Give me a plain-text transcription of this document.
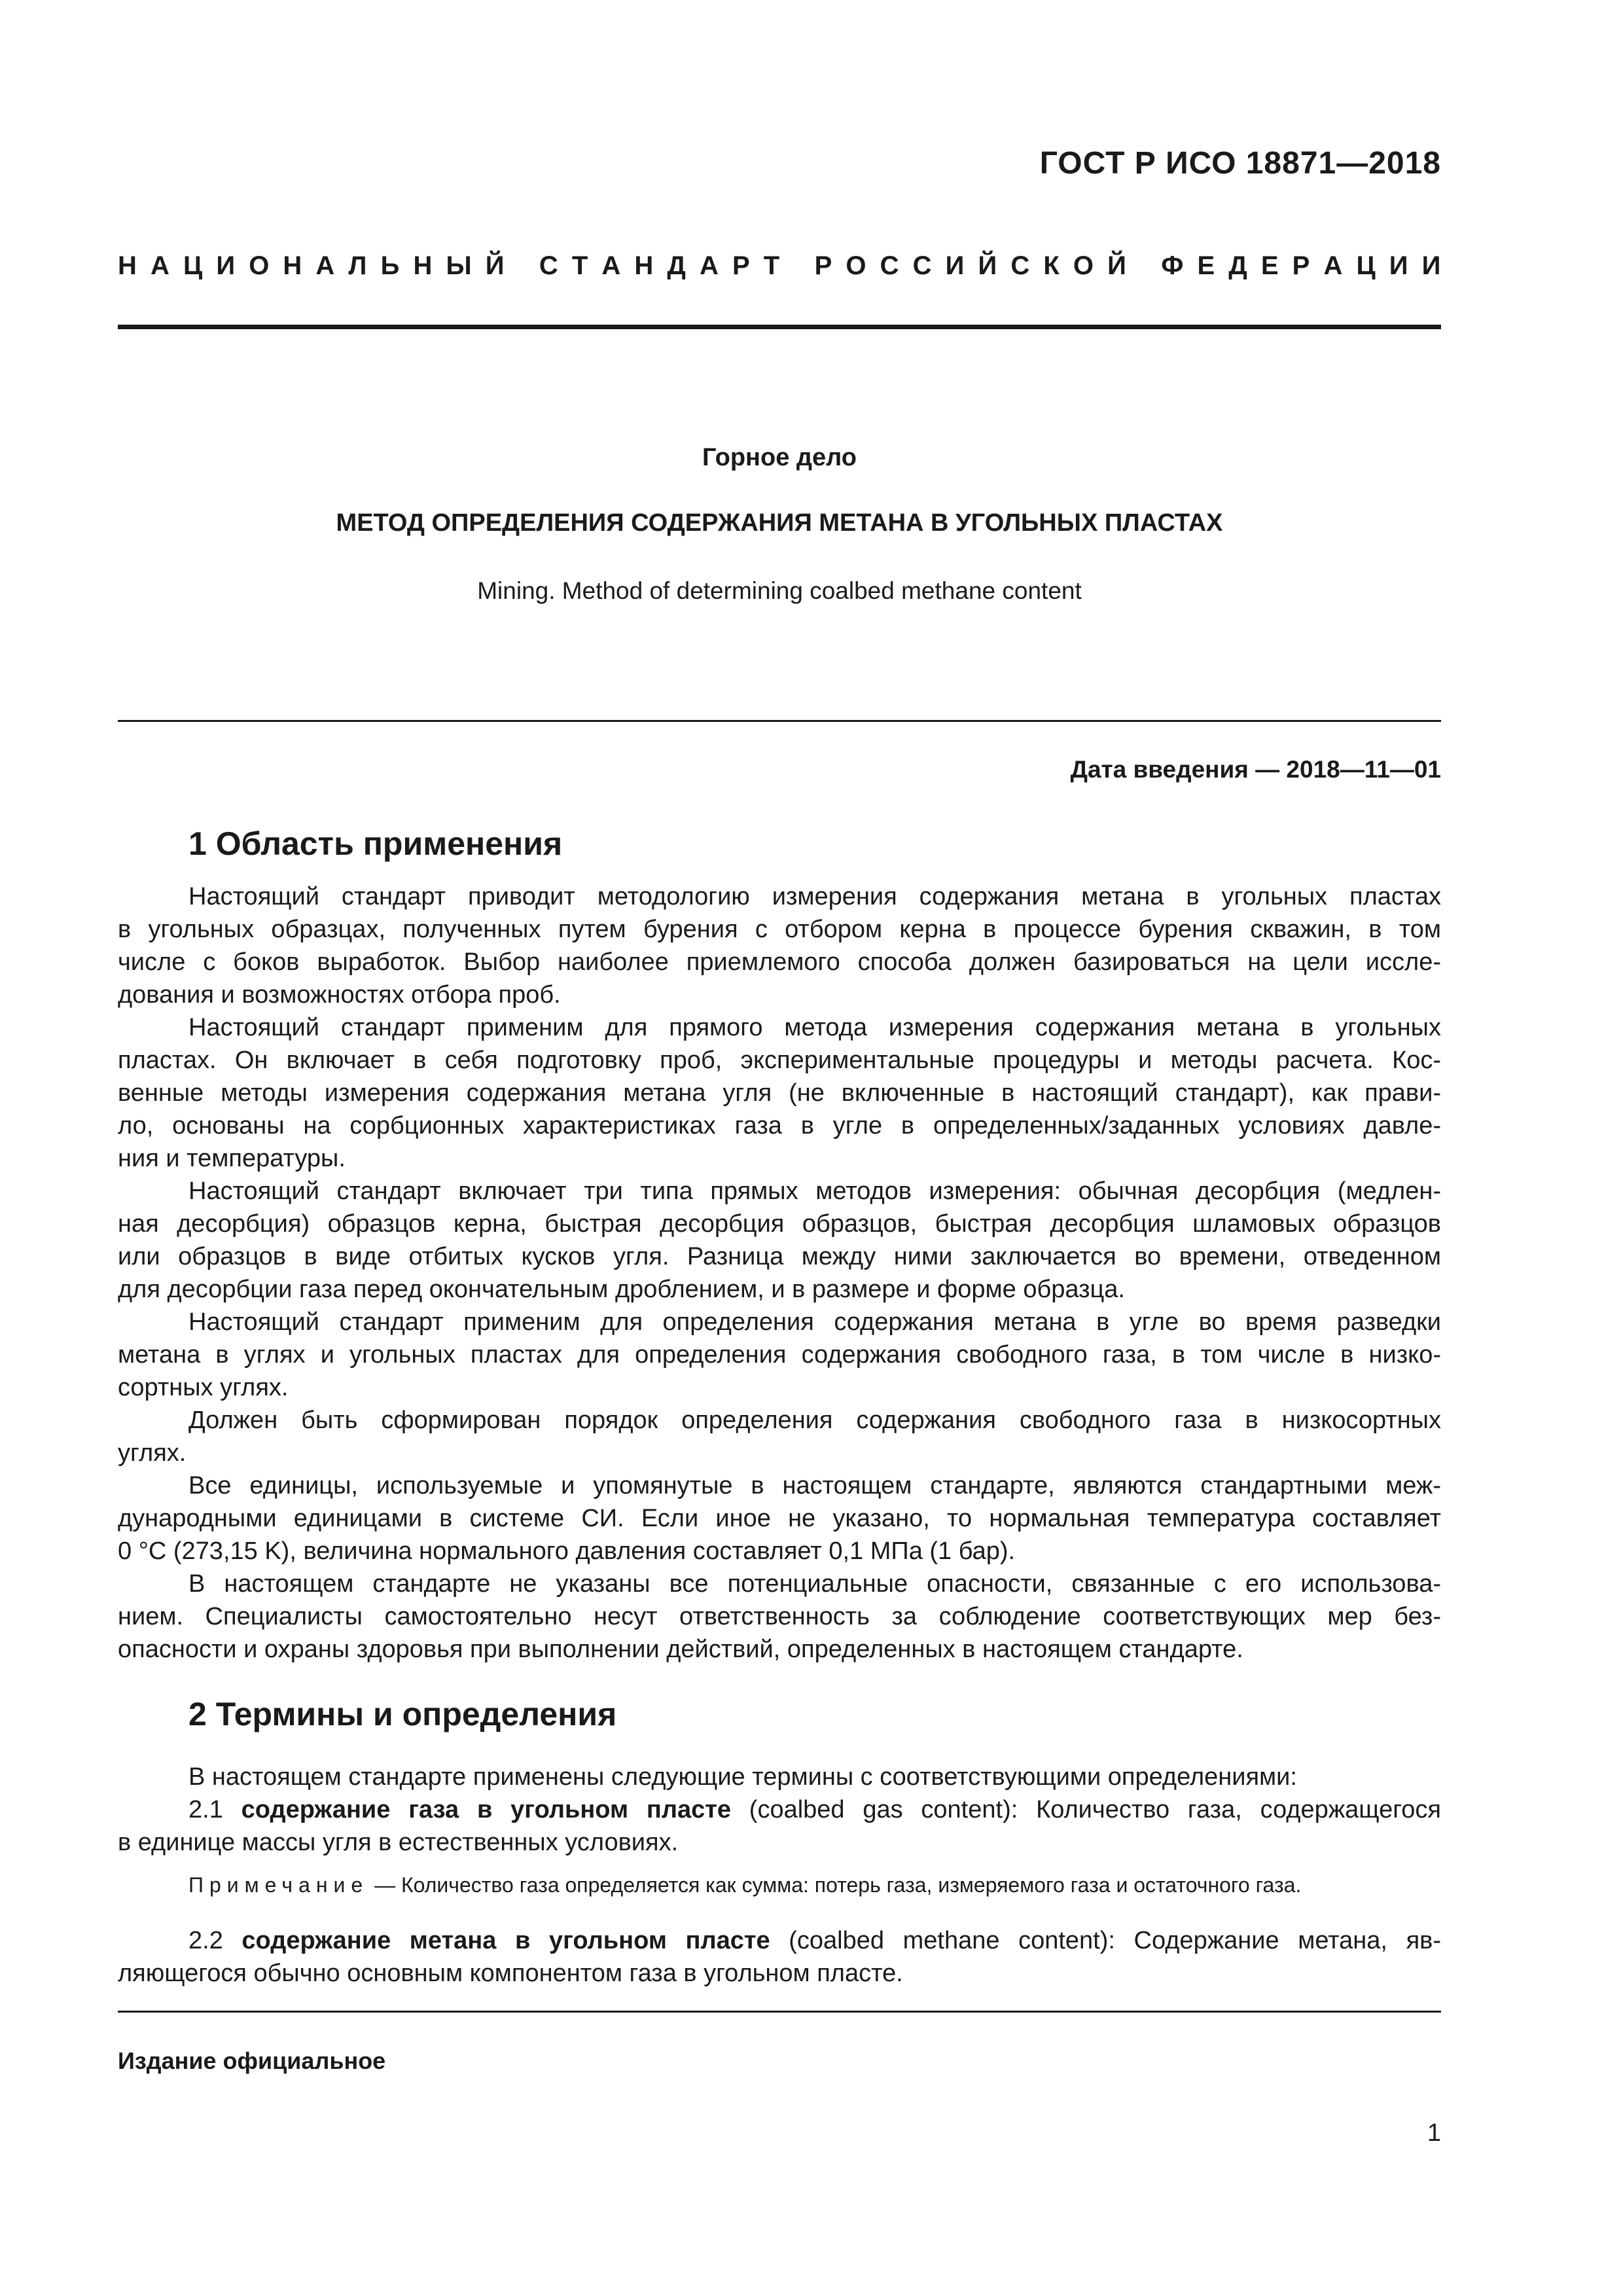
ГОСТ Р ИСО 18871—2018
Н А Ц И О Н А Л Ь Н Ы Й
С Т А Н Д А Р Т
Р О С С И Й С К О Й
Ф Е Д Е Р А Ц И И
Горное дело
МЕТОД ОПРЕДЕЛЕНИЯ СОДЕРЖАНИЯ МЕТАНА В УГОЛЬНЫХ ПЛАСТАХ
Mining. Method of determining coalbed methane content
Дата введения — 2018—11—01
1 Область применения
Настоящий стандарт приводит методологию измерения содержания метана в угольных пластах
в угольных образцах, полученных путем бурения с отбором керна в процессе бурения скважин, в том
числе с боков выработок. Выбор наиболее приемлемого способа должен базироваться на цели иссле-
дования и возможностях отбора проб.
Настоящий стандарт применим для прямого метода измерения содержания метана в угольных
пластах. Он включает в себя подготовку проб, экспериментальные процедуры и методы расчета. Кос-
венные методы измерения содержания метана угля (не включенные в настоящий стандарт), как прави-
ло, основаны на сорбционных характеристиках газа в угле в определенных/заданных условиях давле-
ния и температуры.
Настоящий стандарт включает три типа прямых методов измерения: обычная десорбция (медлен-
ная десорбция) образцов керна, быстрая десорбция образцов, быстрая десорбция шламовых образцов
или образцов в виде отбитых кусков угля. Разница между ними заключается во времени, отведенном
для десорбции газа перед окончательным дроблением, и в размере и форме образца.
Настоящий стандарт применим для определения содержания метана в угле во время разведки
метана в углях и угольных пластах для определения содержания свободного газа, в том числе в низко-
сортных углях.
Должен быть сформирован порядок определения содержания свободного газа в низкосортных
углях.
Все единицы, используемые и упомянутые в настоящем стандарте, являются стандартными меж-
дународными единицами в системе СИ. Если иное не указано, то нормальная температура составляет
0 °С (273,15 K), величина нормального давления составляет 0,1 МПа (1 бар).
В настоящем стандарте не указаны все потенциальные опасности, связанные с его использова-
нием. Специалисты самостоятельно несут ответственность за соблюдение соответствующих мер без-
опасности и охраны здоровья при выполнении действий, определенных в настоящем стандарте.
2 Термины и определения
В настоящем стандарте применены следующие термины с соответствующими определениями:
2.1 содержание газа в угольном пласте (coalbed gas content): Количество газа, содержащегося
в единице массы угля в естественных условиях.
Примечание — Количество газа определяется как сумма: потерь газа, измеряемого газа и остаточного газа.
2.2 содержание метана в угольном пласте (coalbed methane content): Содержание метана, яв-
ляющегося обычно основным компонентом газа в угольном пласте.
Издание официальное
1
